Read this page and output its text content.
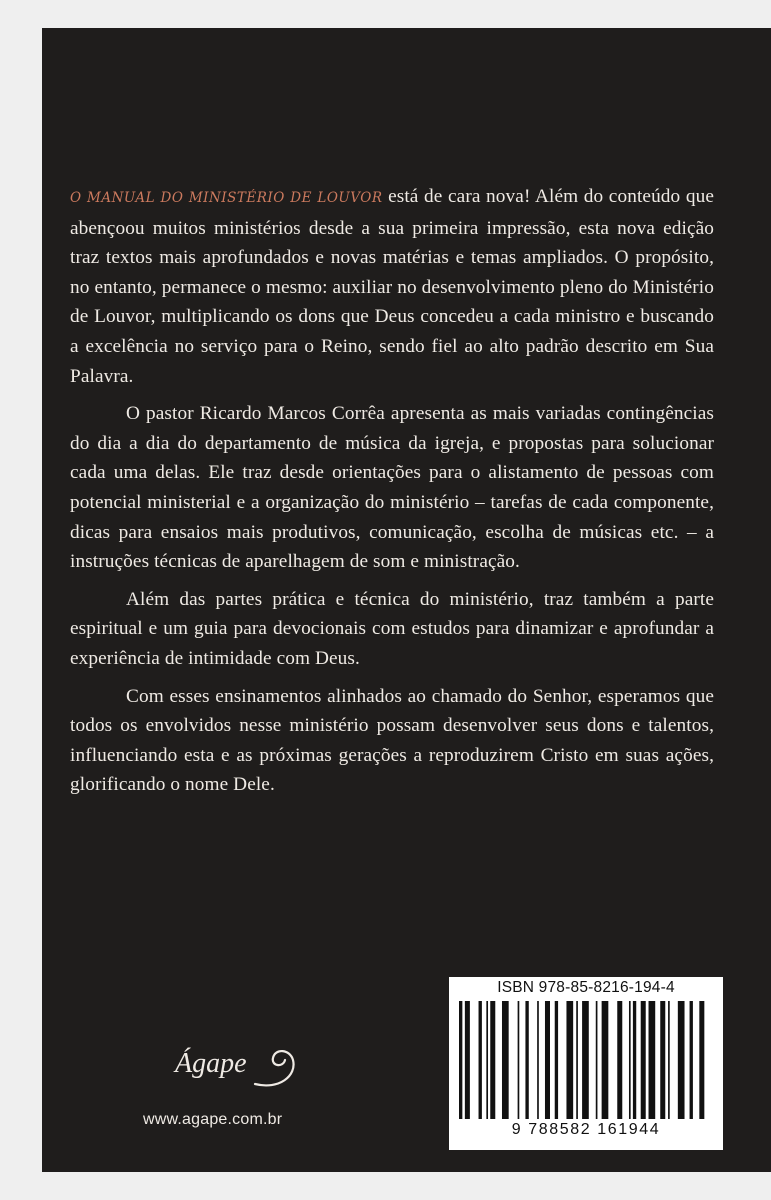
O MANUAL DO MINISTÉRIO DE LOUVOR está de cara nova! Além do conteúdo que abençoou muitos ministérios desde a sua primeira impressão, esta nova edição traz textos mais aprofundados e novas matérias e temas ampliados. O propósito, no entanto, permanece o mesmo: auxiliar no desenvolvimento pleno do Ministério de Louvor, multiplicando os dons que Deus concedeu a cada ministro e buscando a excelência no serviço para o Reino, sendo fiel ao alto padrão descrito em Sua Palavra.

O pastor Ricardo Marcos Corrêa apresenta as mais variadas contingências do dia a dia do departamento de música da igreja, e propostas para solucionar cada uma delas. Ele traz desde orientações para o alistamento de pessoas com potencial ministerial e a organização do ministério – tarefas de cada componente, dicas para ensaios mais produtivos, comunicação, escolha de músicas etc. – a instruções técnicas de aparelhagem de som e ministração.

Além das partes prática e técnica do ministério, traz também a parte espiritual e um guia para devocionais com estudos para dinamizar e aprofundar a experiência de intimidade com Deus.

Com esses ensinamentos alinhados ao chamado do Senhor, esperamos que todos os envolvidos nesse ministério possam desenvolver seus dons e talentos, influenciando esta e as próximas gerações a reproduzirem Cristo em suas ações, glorificando o nome Dele.

Ágape
www.agape.com.br
ISBN 978-85-8216-194-4
9 788582 161944
